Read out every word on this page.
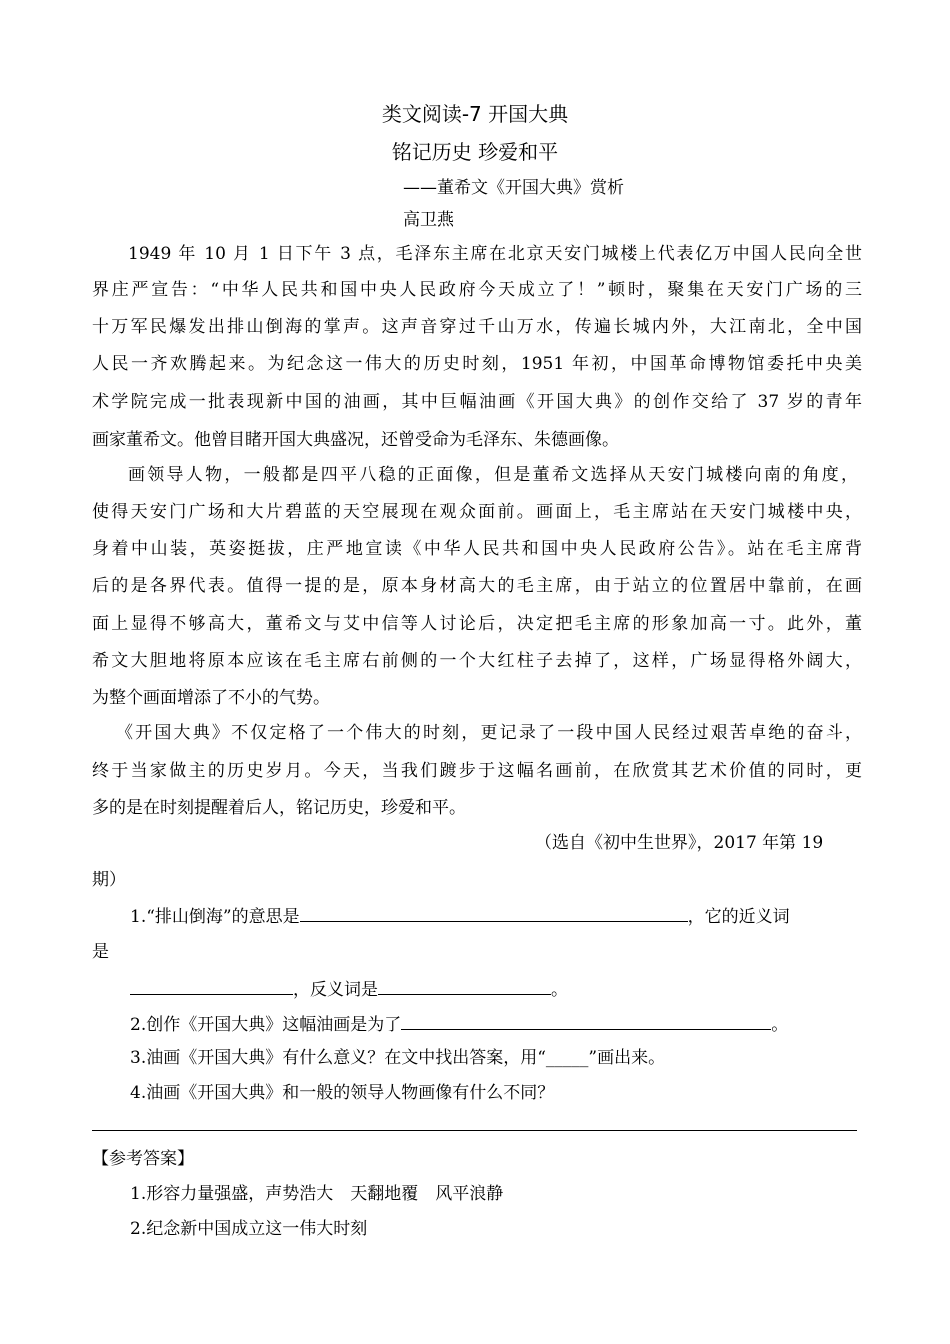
类文阅读-7 开国大典
铭记历史 珍爱和平
——董希文《开国大典》赏析
高卫燕
1949 年 10 月 1 日下午 3 点，毛泽东主席在北京天安门城楼上代表亿万中国人民向全世
界庄严宣告：“中华人民共和国中央人民政府今天成立了！”顿时，聚集在天安门广场的三
十万军民爆发出排山倒海的掌声。这声音穿过千山万水，传遍长城内外，大江南北，全中国
人民一齐欢腾起来。为纪念这一伟大的历史时刻，1951 年初，中国革命博物馆委托中央美
术学院完成一批表现新中国的油画，其中巨幅油画《开国大典》的创作交给了 37 岁的青年
画家董希文。他曾目睹开国大典盛况，还曾受命为毛泽东、朱德画像。
画领导人物，一般都是四平八稳的正面像，但是董希文选择从天安门城楼向南的角度，
使得天安门广场和大片碧蓝的天空展现在观众面前。画面上，毛主席站在天安门城楼中央，
身着中山装，英姿挺拔，庄严地宣读《中华人民共和国中央人民政府公告》。站在毛主席背
后的是各界代表。值得一提的是，原本身材高大的毛主席，由于站立的位置居中靠前，在画
面上显得不够高大，董希文与艾中信等人讨论后，决定把毛主席的形象加高一寸。此外，董
希文大胆地将原本应该在毛主席右前侧的一个大红柱子去掉了，这样，广场显得格外阔大，
为整个画面增添了不小的气势。
《开国大典》不仅定格了一个伟大的时刻，更记录了一段中国人民经过艰苦卓绝的奋斗，
终于当家做主的历史岁月。今天，当我们踱步于这幅名画前，在欣赏其艺术价值的同时，更
多的是在时刻提醒着后人，铭记历史，珍爱和平。
（选自《初中生世界》，2017 年第 19
期）
1.“排山倒海”的意思是	，它的近义词
是
，反义词是	。
2.创作《开国大典》这幅油画是为了	。
3.油画《开国大典》有什么意义？在文中找出答案，用“_____”画出来。
4.油画《开国大典》和一般的领导人物画像有什么不同？
【参考答案】
1.形容力量强盛，声势浩大　天翻地覆　风平浪静
2.纪念新中国成立这一伟大时刻
